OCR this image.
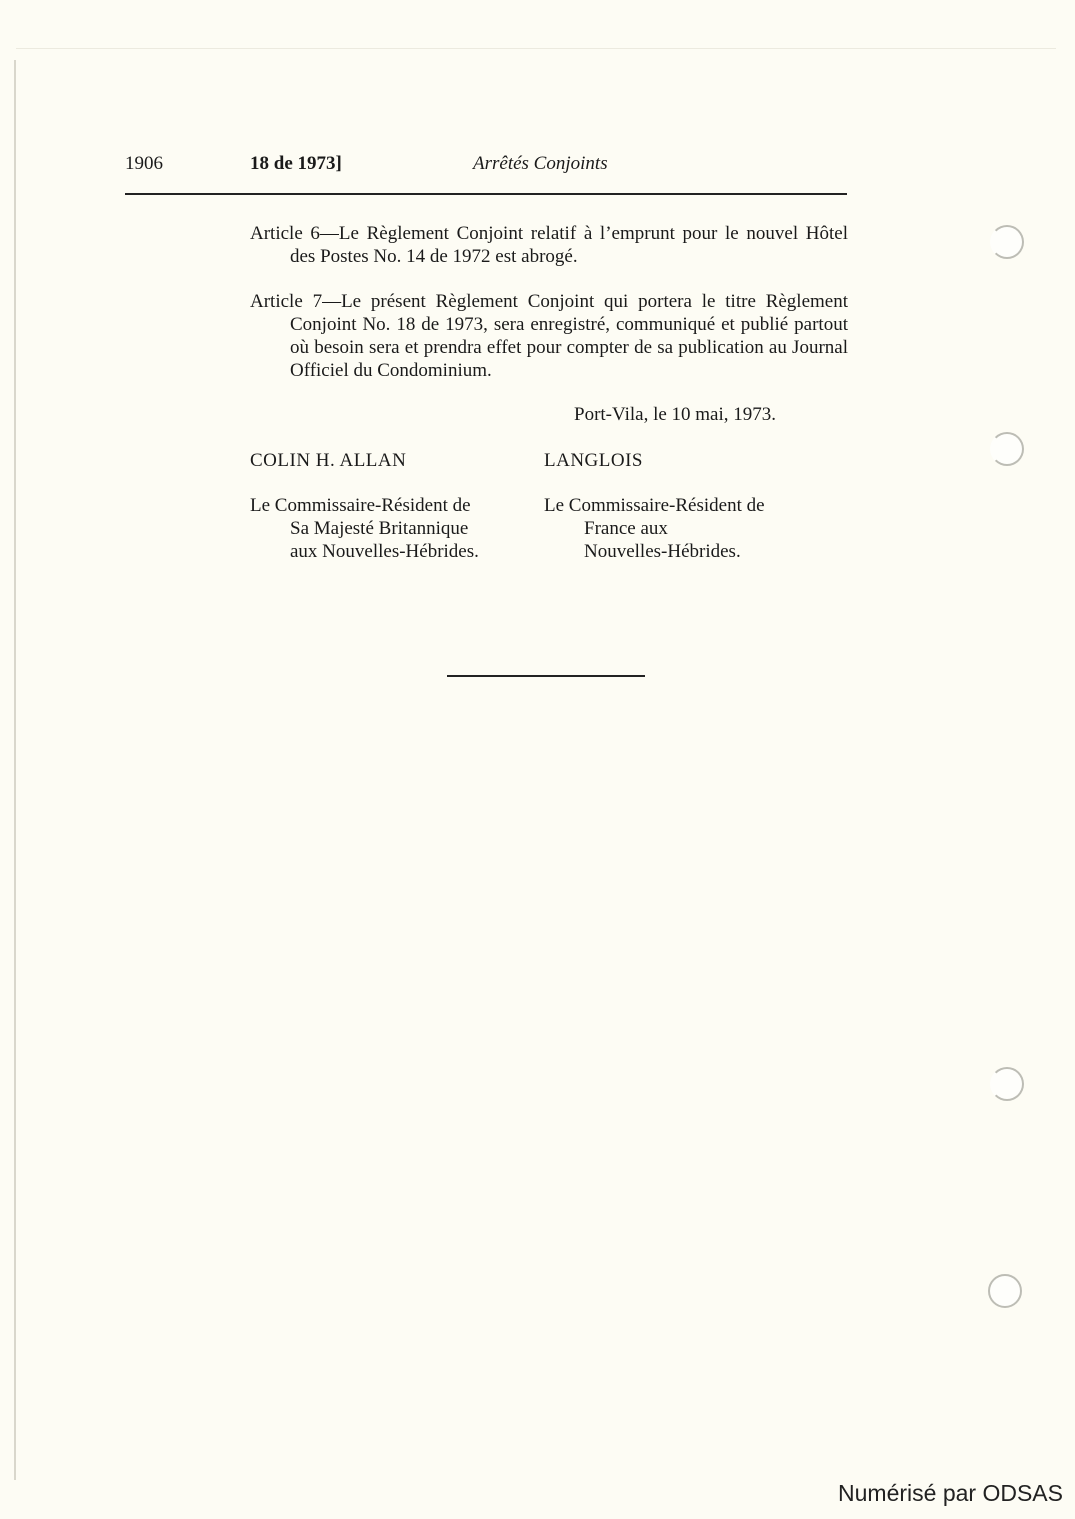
1906	18 de 1973]	Arrêtés Conjoints

Article 6—Le Règlement Conjoint relatif à l’emprunt pour le nouvel Hôtel des Postes No. 14 de 1972 est abrogé.

Article 7—Le présent Règlement Conjoint qui portera le titre Règlement Conjoint No. 18 de 1973, sera enregistré, communiqué et publié partout où besoin sera et prendra effet pour compter de sa publication au Journal Officiel du Condominium.

Port-Vila, le 10 mai, 1973.
COLIN H. ALLAN	LANGLOIS
Le Commissaire-Résident de
Sa Majesté Britannique
aux Nouvelles-Hébrides.
Le Commissaire-Résident de
France aux
Nouvelles-Hébrides.
Numérisé par ODSAS
